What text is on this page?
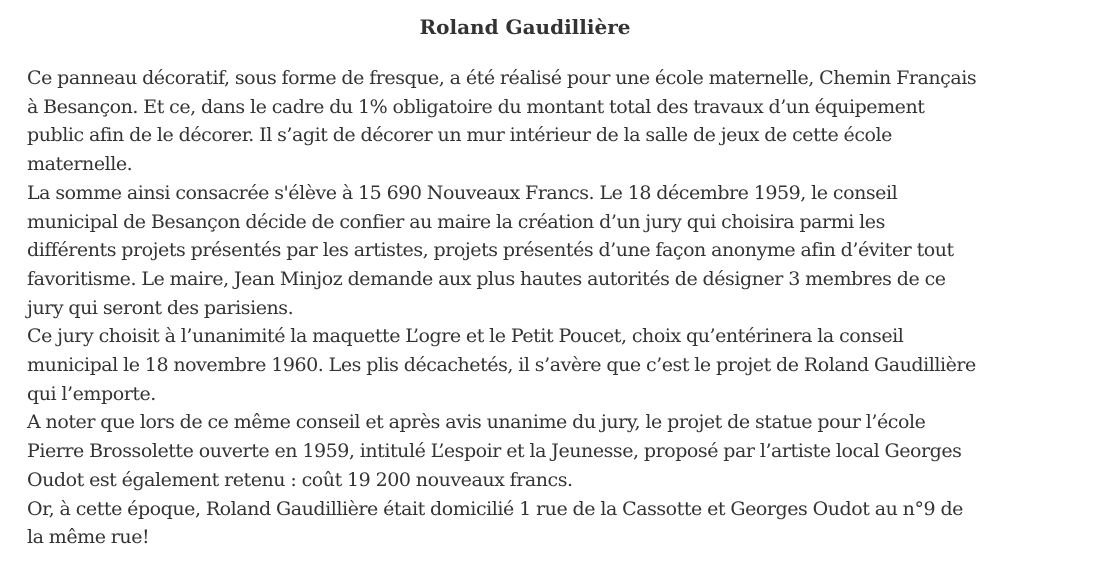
Roland Gaudillière

Ce panneau décoratif, sous forme de fresque, a été réalisé pour une école maternelle, Chemin Français
à Besançon. Et ce, dans le cadre du 1% obligatoire du montant total des travaux d’un équipement
public afin de le décorer. Il s’agit de décorer un mur intérieur de la salle de jeux de cette école
maternelle.

La somme ainsi consacrée s'élève à 15 690 Nouveaux Francs. Le 18 décembre 1959, le conseil
municipal de Besançon décide de confier au maire la création d’un jury qui choisira parmi les
différents projets présentés par les artistes, projets présentés d’une façon anonyme afin d’éviter tout
favoritisme. Le maire, Jean Minjoz demande aux plus hautes autorités de désigner 3 membres de ce
jury qui seront des parisiens.

Ce jury choisit à l’unanimité la maquette L’ogre et le Petit Poucet, choix qu’entérinera la conseil
municipal le 18 novembre 1960. Les plis décachetés, il s’avère que c’est le projet de Roland Gaudillière
qui l’emporte.

A noter que lors de ce même conseil et après avis unanime du jury, le projet de statue pour l’école
Pierre Brossolette ouverte en 1959, intitulé L’espoir et la Jeunesse, proposé par l’artiste local Georges
Oudot est également retenu : coût 19 200 nouveaux francs.

Or, à cette époque, Roland Gaudillière était domicilié 1 rue de la Cassotte et Georges Oudot au n°9 de
la même rue!
